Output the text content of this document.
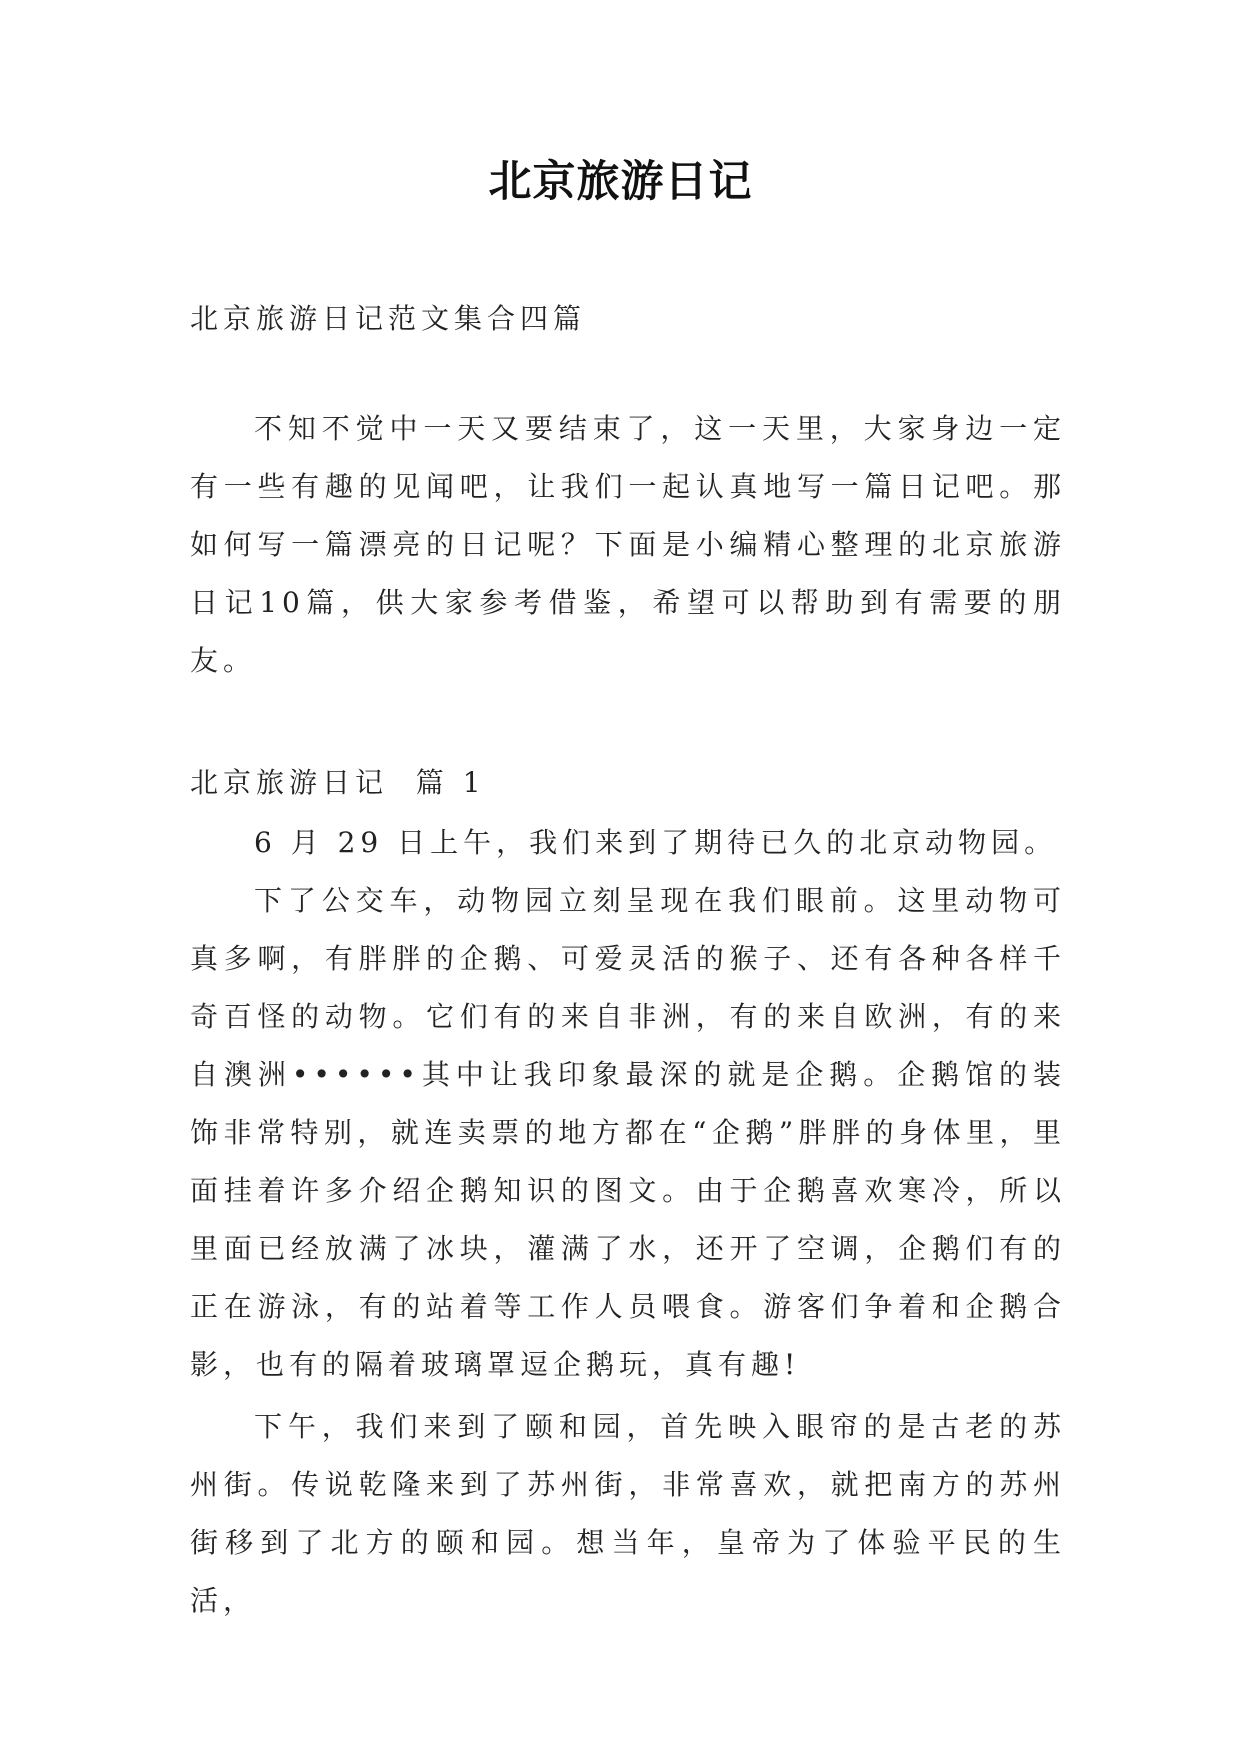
北京旅游日记

北京旅游日记范文集合四篇

不知不觉中一天又要结束了，这一天里，大家身边一定有一些有趣的见闻吧，让我们一起认真地写一篇日记吧。那如何写一篇漂亮的日记呢？下面是小编精心整理的北京旅游日记10篇，供大家参考借鉴，希望可以帮助到有需要的朋友。

北京旅游日记  篇 1

6 月 29 日上午，我们来到了期待已久的北京动物园。

下了公交车，动物园立刻呈现在我们眼前。这里动物可真多啊，有胖胖的企鹅、可爱灵活的猴子、还有各种各样千奇百怪的动物。它们有的来自非洲，有的来自欧洲，有的来自澳洲••••••其中让我印象最深的就是企鹅。企鹅馆的装饰非常特别，就连卖票的地方都在“企鹅”胖胖的身体里，里面挂着许多介绍企鹅知识的图文。由于企鹅喜欢寒冷，所以里面已经放满了冰块，灌满了水，还开了空调，企鹅们有的正在游泳，有的站着等工作人员喂食。游客们争着和企鹅合影，也有的隔着玻璃罩逗企鹅玩，真有趣!

下午，我们来到了颐和园，首先映入眼帘的是古老的苏州街。传说乾隆来到了苏州街，非常喜欢，就把南方的苏州街移到了北方的颐和园。想当年，皇帝为了体验平民的生活，
